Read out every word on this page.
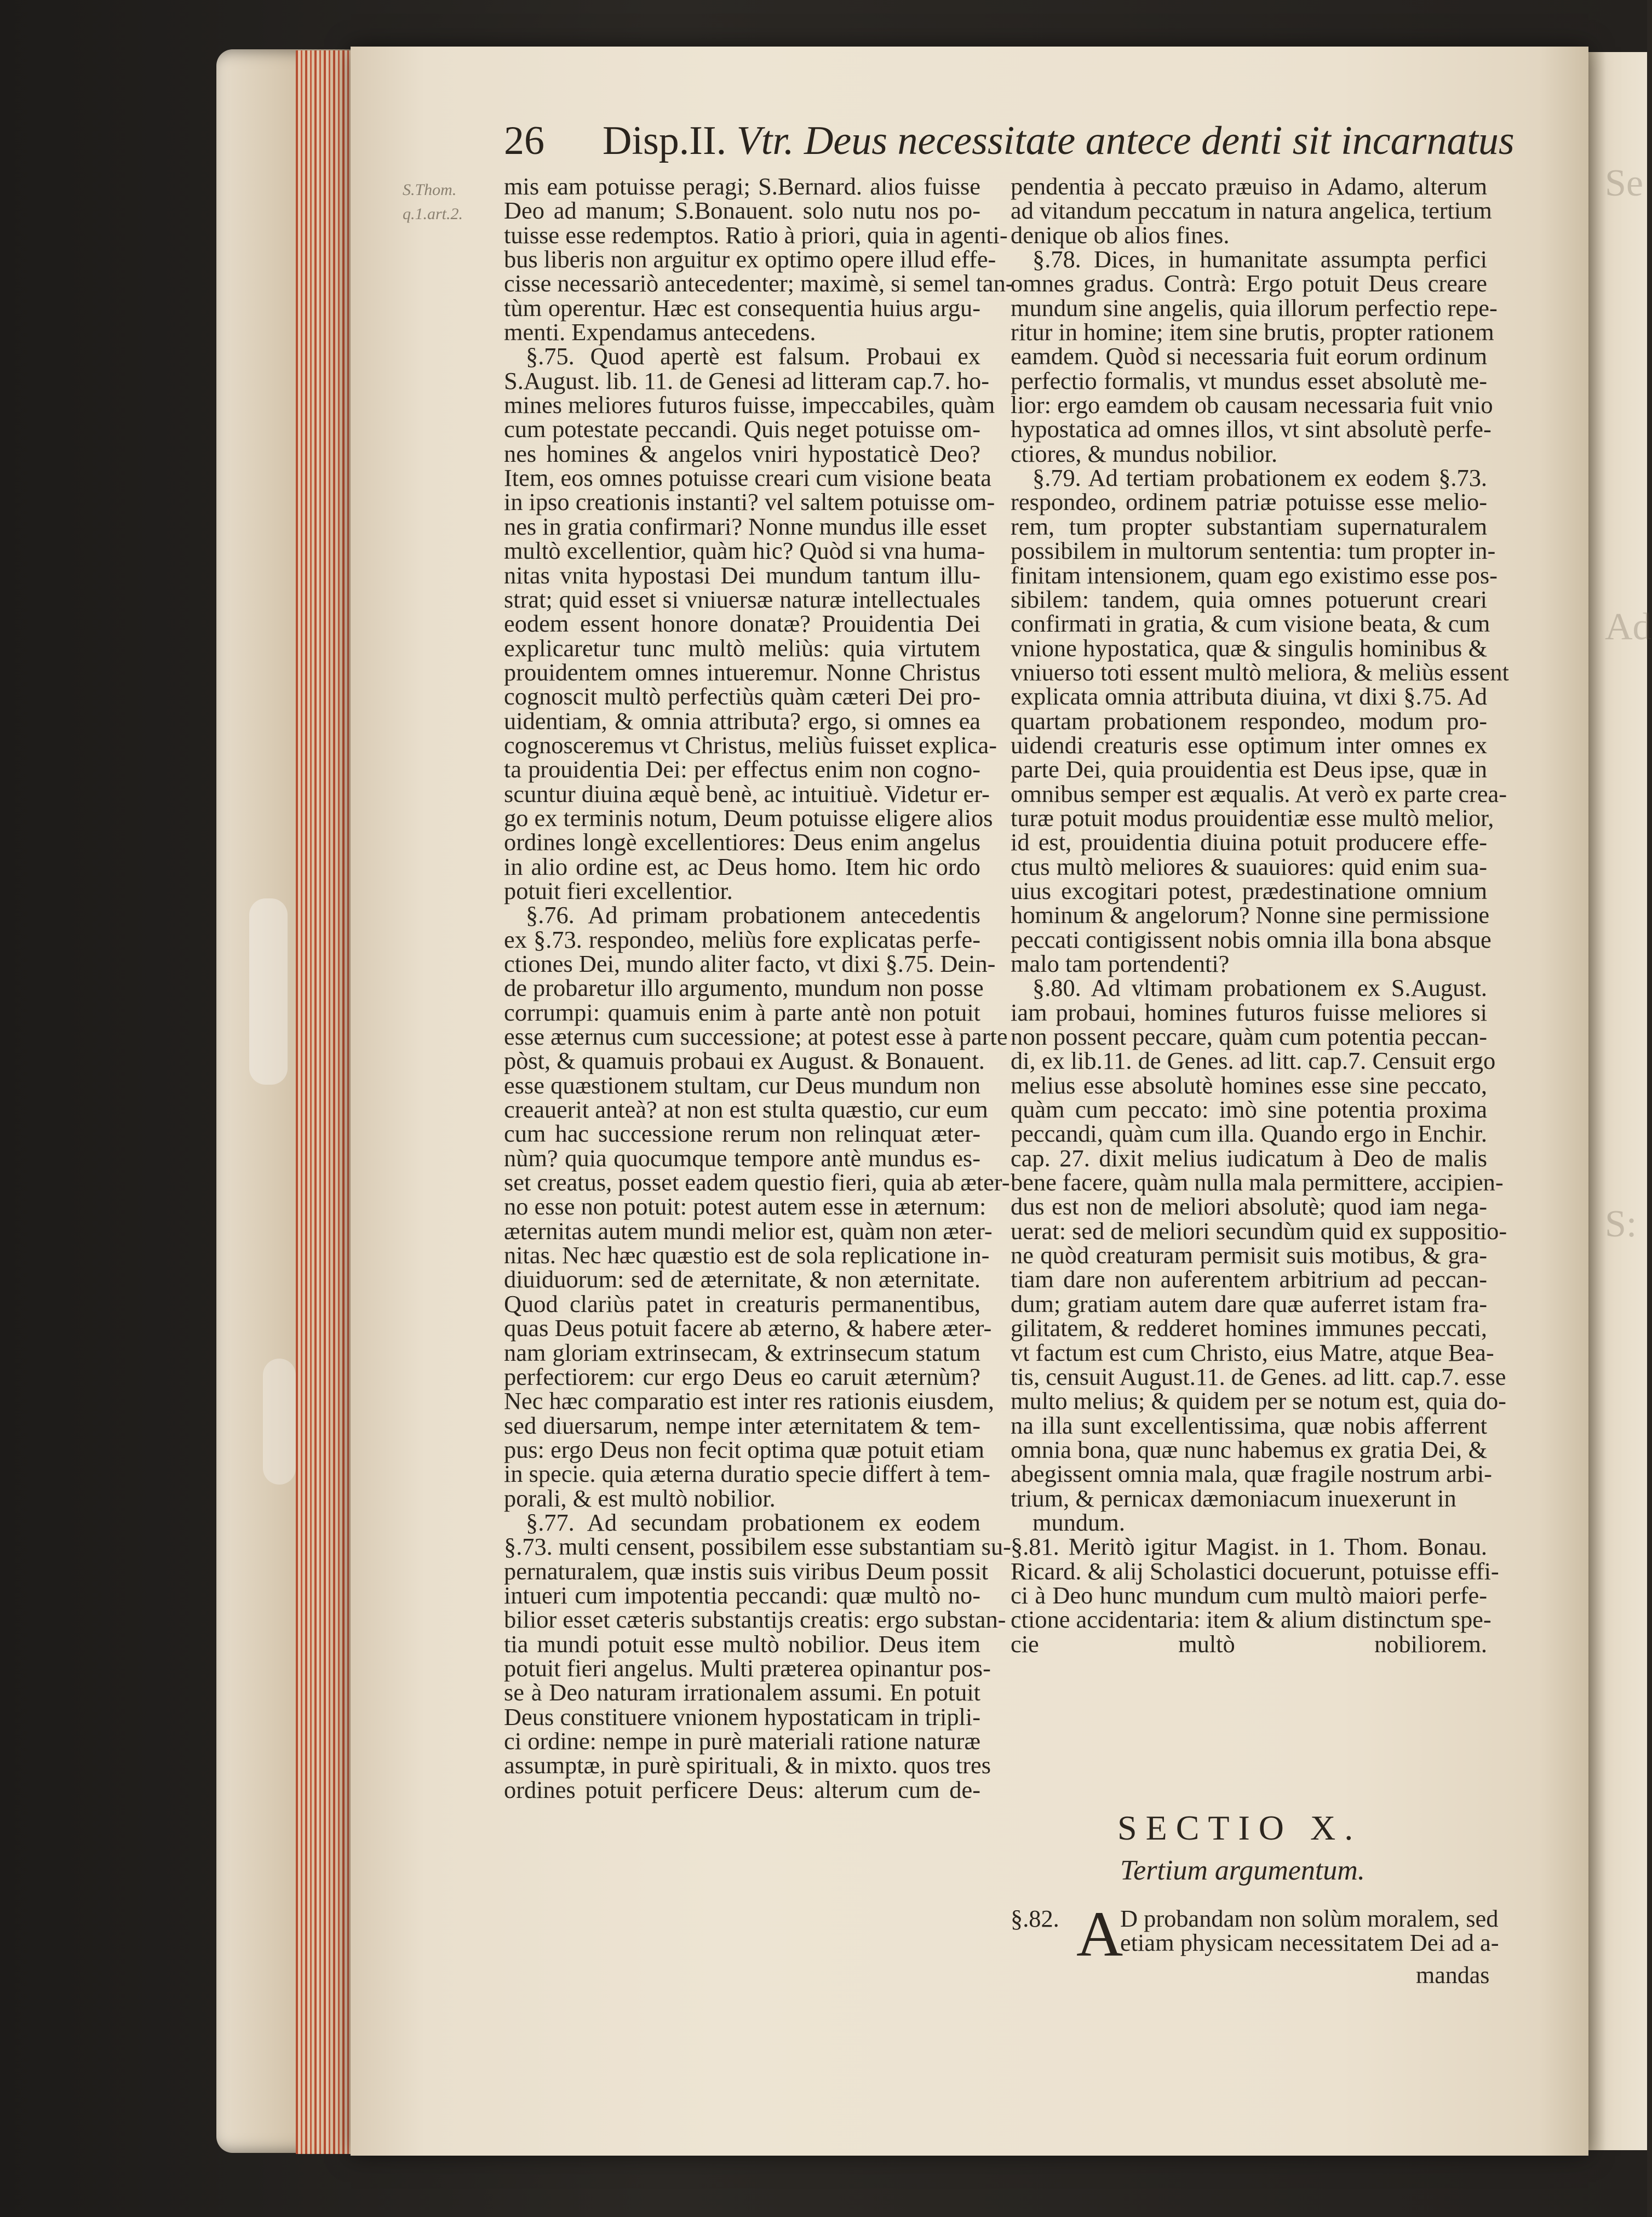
Se
Ad
S:
26 Disp.II. Vtr. Deus necessitate antece denti sit incarnatus
S.Thom.
q.1.art.2.
mis eam potuisse peragi; S.Bernard. alios fuisse
Deo ad manum; S.Bonauent. solo nutu nos po-
tuisse esse redemptos. Ratio à priori, quia in agenti-
bus liberis non arguitur ex optimo opere illud effe-
cisse necessariò antecedenter; maximè, si semel tan-
tùm operentur. Hæc est consequentia huius argu-
menti. Expendamus antecedens.
§.75. Quod apertè est falsum. Probaui ex
S.August. lib. 11. de Genesi ad litteram cap.7. ho-
mines meliores futuros fuisse, impeccabiles, quàm
cum potestate peccandi. Quis neget potuisse om-
nes homines & angelos vniri hypostaticè Deo?
Item, eos omnes potuisse creari cum visione beata
in ipso creationis instanti? vel saltem potuisse om-
nes in gratia confirmari? Nonne mundus ille esset
multò excellentior, quàm hic? Quòd si vna huma-
nitas vnita hypostasi Dei mundum tantum illu-
strat; quid esset si vniuersæ naturæ intellectuales
eodem essent honore donatæ? Prouidentia Dei
explicaretur tunc multò meliùs: quia virtutem
prouidentem omnes intueremur. Nonne Christus
cognoscit multò perfectiùs quàm cæteri Dei pro-
uidentiam, & omnia attributa? ergo, si omnes ea
cognosceremus vt Christus, meliùs fuisset explica-
ta prouidentia Dei: per effectus enim non cogno-
scuntur diuina æquè benè, ac intuitiuè. Videtur er-
go ex terminis notum, Deum potuisse eligere alios
ordines longè excellentiores: Deus enim angelus
in alio ordine est, ac Deus homo. Item hic ordo
potuit fieri excellentior.
§.76. Ad primam probationem antecedentis
ex §.73. respondeo, meliùs fore explicatas perfe-
ctiones Dei, mundo aliter facto, vt dixi §.75. Dein-
de probaretur illo argumento, mundum non posse
corrumpi: quamuis enim à parte antè non potuit
esse æternus cum successione; at potest esse à parte
pòst, & quamuis probaui ex August. & Bonauent.
esse quæstionem stultam, cur Deus mundum non
creauerit anteà? at non est stulta quæstio, cur eum
cum hac successione rerum non relinquat æter-
nùm? quia quocumque tempore antè mundus es-
set creatus, posset eadem questio fieri, quia ab æter-
no esse non potuit: potest autem esse in æternum:
æternitas autem mundi melior est, quàm non æter-
nitas. Nec hæc quæstio est de sola replicatione in-
diuiduorum: sed de æternitate, & non æternitate.
Quod clariùs patet in creaturis permanentibus,
quas Deus potuit facere ab æterno, & habere æter-
nam gloriam extrinsecam, & extrinsecum statum
perfectiorem: cur ergo Deus eo caruit æternùm?
Nec hæc comparatio est inter res rationis eiusdem,
sed diuersarum, nempe inter æternitatem & tem-
pus: ergo Deus non fecit optima quæ potuit etiam
in specie. quia æterna duratio specie differt à tem-
porali, & est multò nobilior.
§.77. Ad secundam probationem ex eodem
§.73. multi censent, possibilem esse substantiam su-
pernaturalem, quæ instis suis viribus Deum possit
intueri cum impotentia peccandi: quæ multò no-
bilior esset cæteris substantijs creatis: ergo substan-
tia mundi potuit esse multò nobilior. Deus item
potuit fieri angelus. Multi præterea opinantur pos-
se à Deo naturam irrationalem assumi. En potuit
Deus constituere vnionem hypostaticam in tripli-
ci ordine: nempe in purè materiali ratione naturæ
assumptæ, in purè spirituali, & in mixto. quos tres
ordines potuit perficere Deus: alterum cum de-
pendentia à peccato præuiso in Adamo, alterum
ad vitandum peccatum in natura angelica, tertium
denique ob alios fines.
§.78. Dices, in humanitate assumpta perfici
omnes gradus. Contrà: Ergo potuit Deus creare
mundum sine angelis, quia illorum perfectio repe-
ritur in homine; item sine brutis, propter rationem
eamdem. Quòd si necessaria fuit eorum ordinum
perfectio formalis, vt mundus esset absolutè me-
lior: ergo eamdem ob causam necessaria fuit vnio
hypostatica ad omnes illos, vt sint absolutè perfe-
ctiores, & mundus nobilior.
§.79. Ad tertiam probationem ex eodem §.73.
respondeo, ordinem patriæ potuisse esse melio-
rem, tum propter substantiam supernaturalem
possibilem in multorum sententia: tum propter in-
finitam intensionem, quam ego existimo esse pos-
sibilem: tandem, quia omnes potuerunt creari
confirmati in gratia, & cum visione beata, & cum
vnione hypostatica, quæ & singulis hominibus &
vniuerso toti essent multò meliora, & meliùs essent
explicata omnia attributa diuina, vt dixi §.75. Ad
quartam probationem respondeo, modum pro-
uidendi creaturis esse optimum inter omnes ex
parte Dei, quia prouidentia est Deus ipse, quæ in
omnibus semper est æqualis. At verò ex parte crea-
turæ potuit modus prouidentiæ esse multò melior,
id est, prouidentia diuina potuit producere effe-
ctus multò meliores & suauiores: quid enim sua-
uius excogitari potest, prædestinatione omnium
hominum & angelorum? Nonne sine permissione
peccati contigissent nobis omnia illa bona absque
malo tam portendenti?
§.80. Ad vltimam probationem ex S.August.
iam probaui, homines futuros fuisse meliores si
non possent peccare, quàm cum potentia peccan-
di, ex lib.11. de Genes. ad litt. cap.7. Censuit ergo
melius esse absolutè homines esse sine peccato,
quàm cum peccato: imò sine potentia proxima
peccandi, quàm cum illa. Quando ergo in Enchir.
cap. 27. dixit melius iudicatum à Deo de malis
bene facere, quàm nulla mala permittere, accipien-
dus est non de meliori absolutè; quod iam nega-
uerat: sed de meliori secundùm quid ex suppositio-
ne quòd creaturam permisit suis motibus, & gra-
tiam dare non auferentem arbitrium ad peccan-
dum; gratiam autem dare quæ auferret istam fra-
gilitatem, & redderet homines immunes peccati,
vt factum est cum Christo, eius Matre, atque Bea-
tis, censuit August.11. de Genes. ad litt. cap.7. esse
multo melius; & quidem per se notum est, quia do-
na illa sunt excellentissima, quæ nobis afferrent
omnia bona, quæ nunc habemus ex gratia Dei, &
abegissent omnia mala, quæ fragile nostrum arbi-
trium, & pernicax dæmoniacum inuexerunt in
mundum.
§.81. Meritò igitur Magist. in 1. Thom. Bonau.
Ricard. & alij Scholastici docuerunt, potuisse effi-
ci à Deo hunc mundum cum multò maiori perfe-
ctione accidentaria: item & alium distinctum spe-
cie multò nobiliorem.
SECTIO X.
Tertium argumentum.
§.82. A
D probandam non solùm moralem, sed
etiam physicam necessitatem Dei ad a-
mandas
